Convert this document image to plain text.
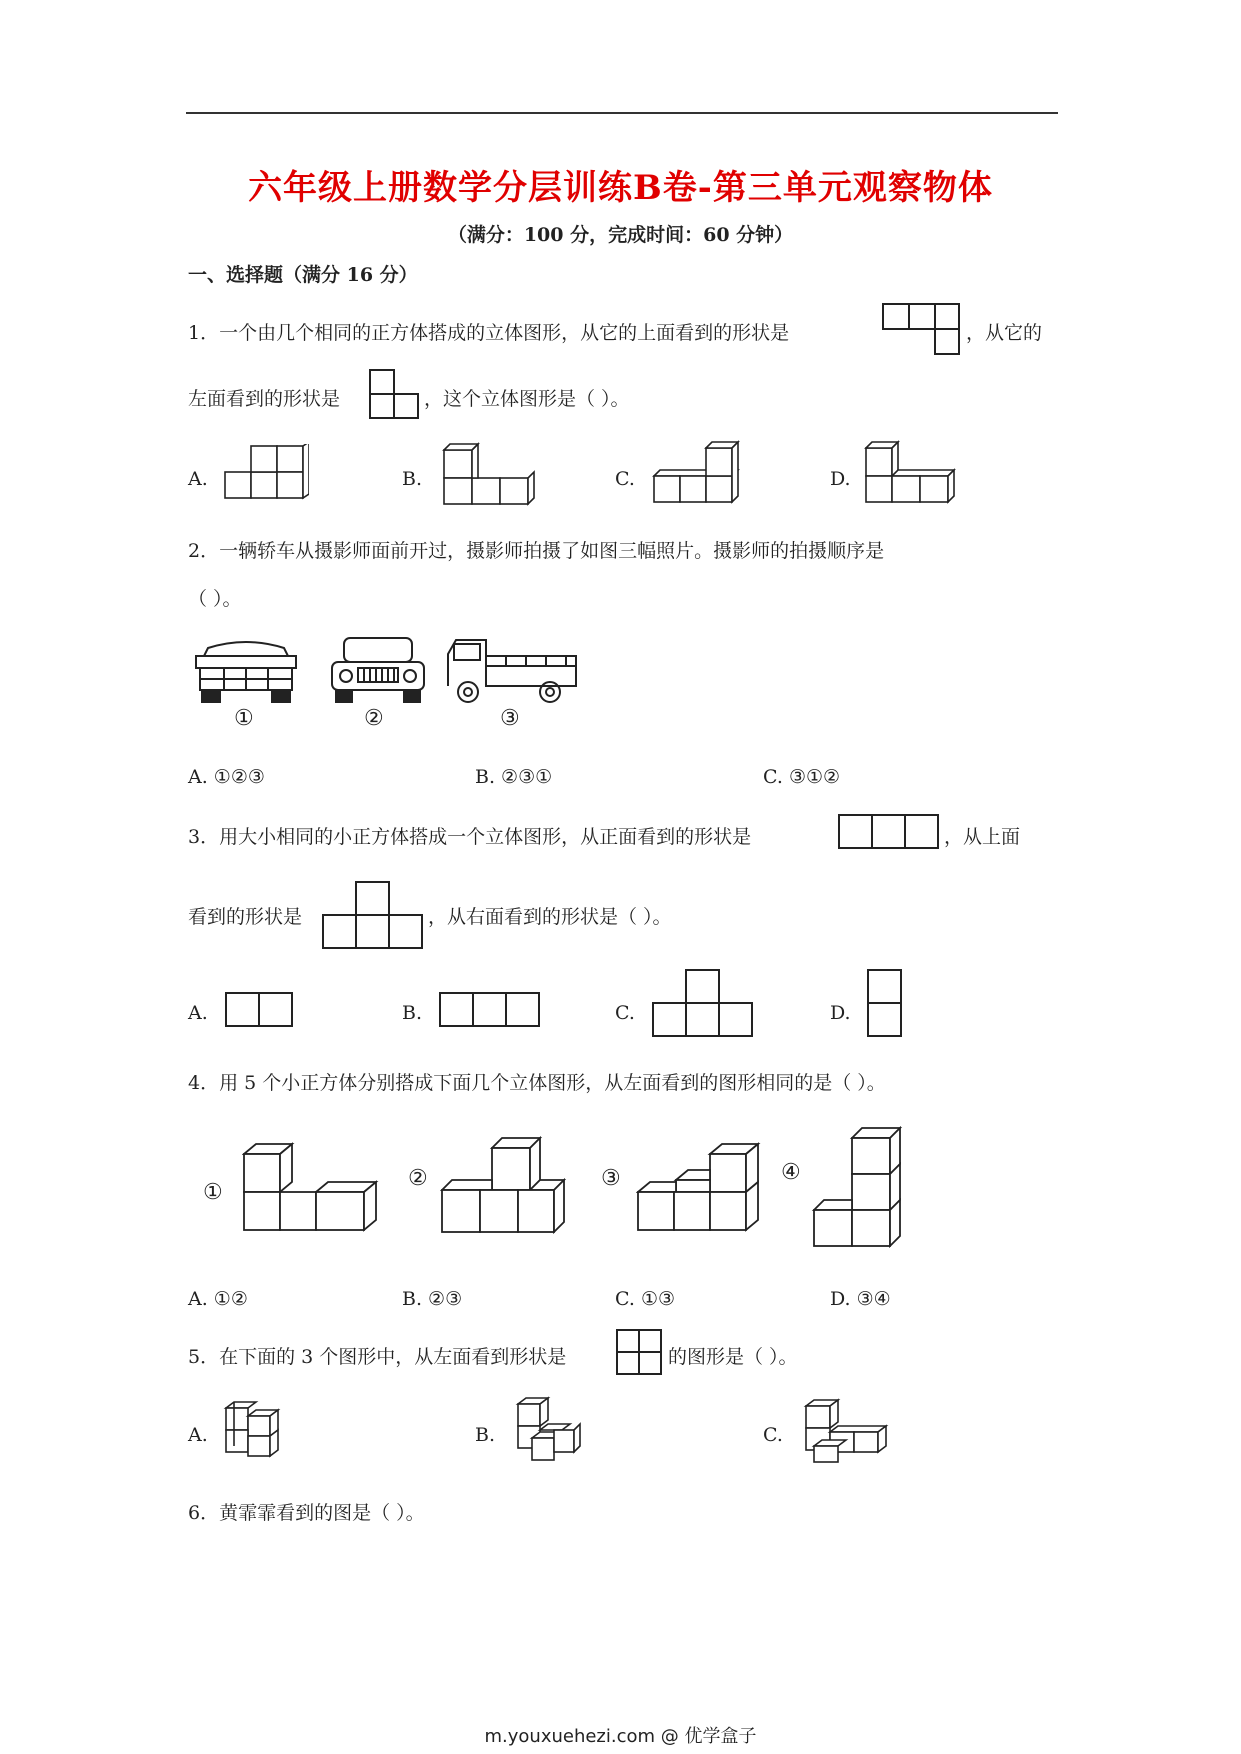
六年级上册数学分层训练B卷-第三单元观察物体
（满分：100 分，完成时间：60 分钟）
一、选择题（满分 16 分）
1．一个由几个相同的正方体搭成的立体图形，从它的上面看到的形状是	，从它的
左面看到的形状是	，这个立体图形是（ ）。
A.	B.	C.	D.
2．一辆轿车从摄影师面前开过，摄影师拍摄了如图三幅照片。摄影师的拍摄顺序是
（ ）。
①	②	③
A. ①②③	B. ②③①	C. ③①②
3．用大小相同的小正方体搭成一个立体图形，从正面看到的形状是	，从上面
看到的形状是	，从右面看到的形状是（ ）。
A.	B.	C.	D.
4．用 5 个小正方体分别搭成下面几个立体图形，从左面看到的图形相同的是（ ）。
①
②	③	④
A. ①②	B. ②③	C. ①③	D. ③④
5．在下面的 3 个图形中，从左面看到形状是	的图形是（ ）。
A.	B.	C.
6．黄霏霏看到的图是（ ）。
m.youxuehezi.com @ 优学盒子
